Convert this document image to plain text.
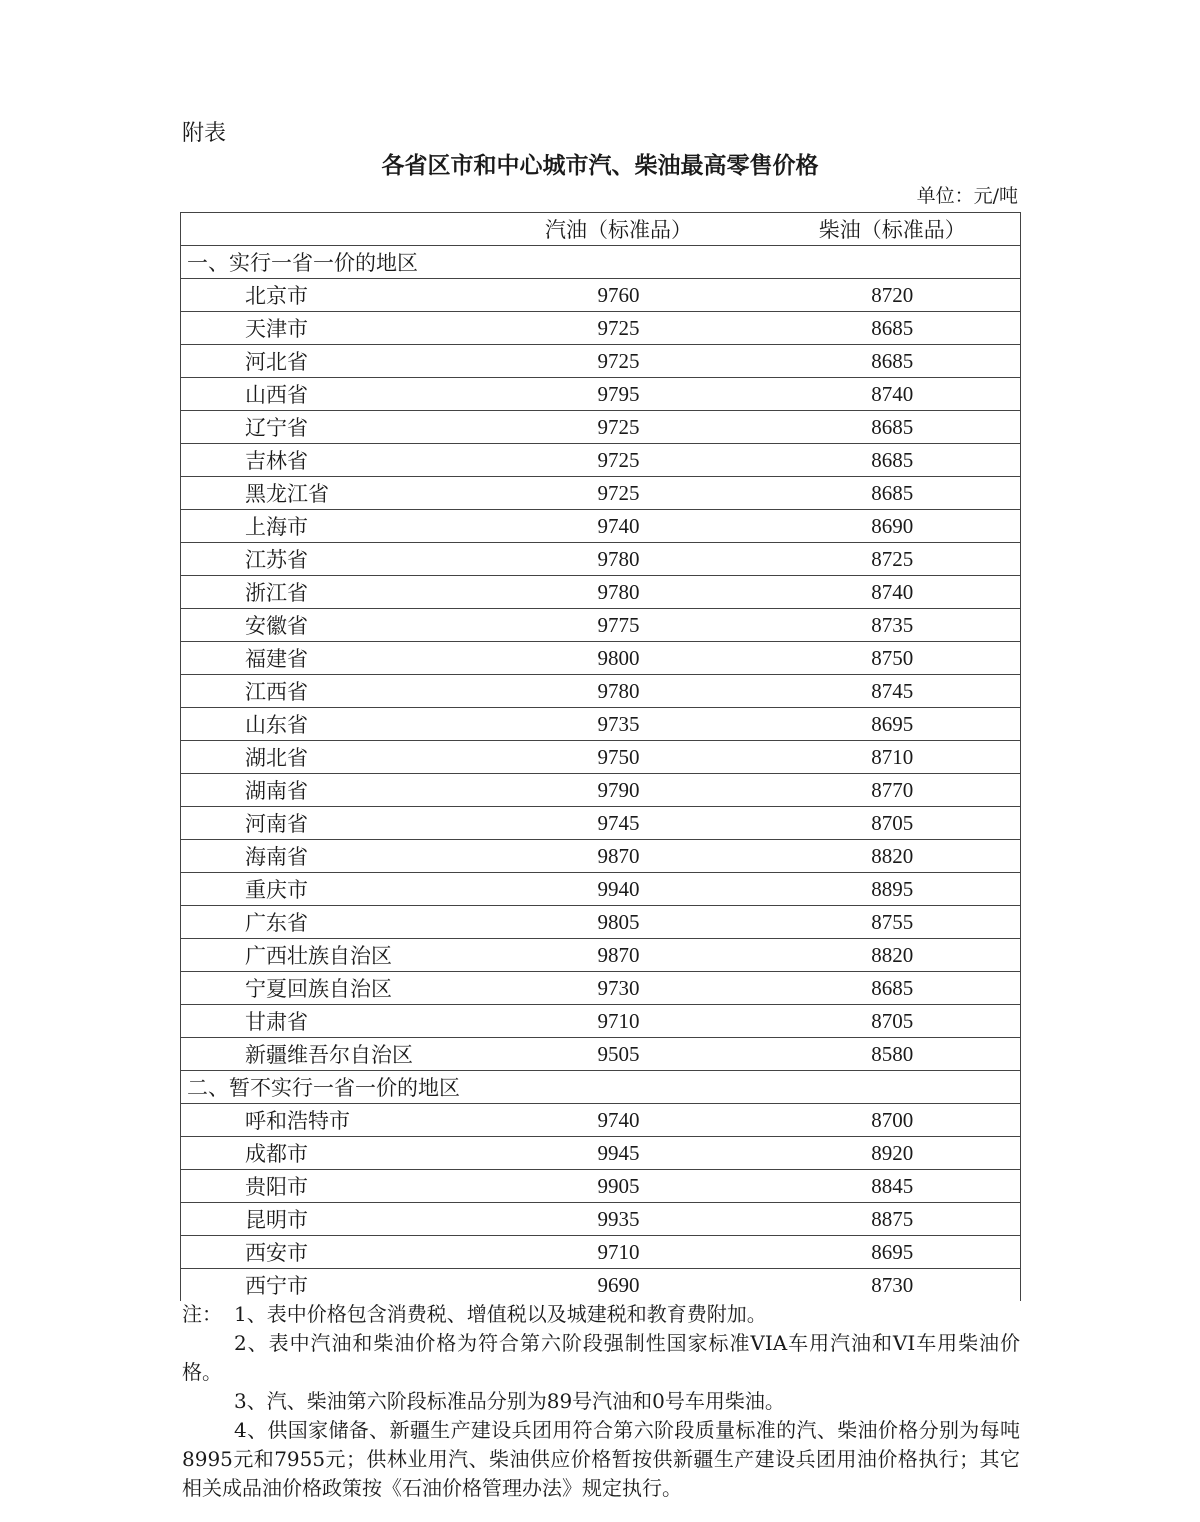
附表
各省区市和中心城市汽、柴油最高零售价格
单位：元/吨
	汽油（标准品）	柴油（标准品）
一、实行一省一价的地区		
北京市	9760	8720
天津市	9725	8685
河北省	9725	8685
山西省	9795	8740
辽宁省	9725	8685
吉林省	9725	8685
黑龙江省	9725	8685
上海市	9740	8690
江苏省	9780	8725
浙江省	9780	8740
安徽省	9775	8735
福建省	9800	8750
江西省	9780	8745
山东省	9735	8695
湖北省	9750	8710
湖南省	9790	8770
河南省	9745	8705
海南省	9870	8820
重庆市	9940	8895
广东省	9805	8755
广西壮族自治区	9870	8820
宁夏回族自治区	9730	8685
甘肃省	9710	8705
新疆维吾尔自治区	9505	8580
二、暂不实行一省一价的地区		
呼和浩特市	9740	8700
成都市	9945	8920
贵阳市	9905	8845
昆明市	9935	8875
西安市	9710	8695
西宁市	9690	8730
注： 1、表中价格包含消费税、增值税以及城建税和教育费附加。
2、表中汽油和柴油价格为符合第六阶段强制性国家标准VIA车用汽油和VI车用柴油价格。
3、汽、柴油第六阶段标准品分别为89号汽油和0号车用柴油。
4、供国家储备、新疆生产建设兵团用符合第六阶段质量标准的汽、柴油价格分别为每吨8995元和7955元；供林业用汽、柴油供应价格暂按供新疆生产建设兵团用油价格执行；其它相关成品油价格政策按《石油价格管理办法》规定执行。
